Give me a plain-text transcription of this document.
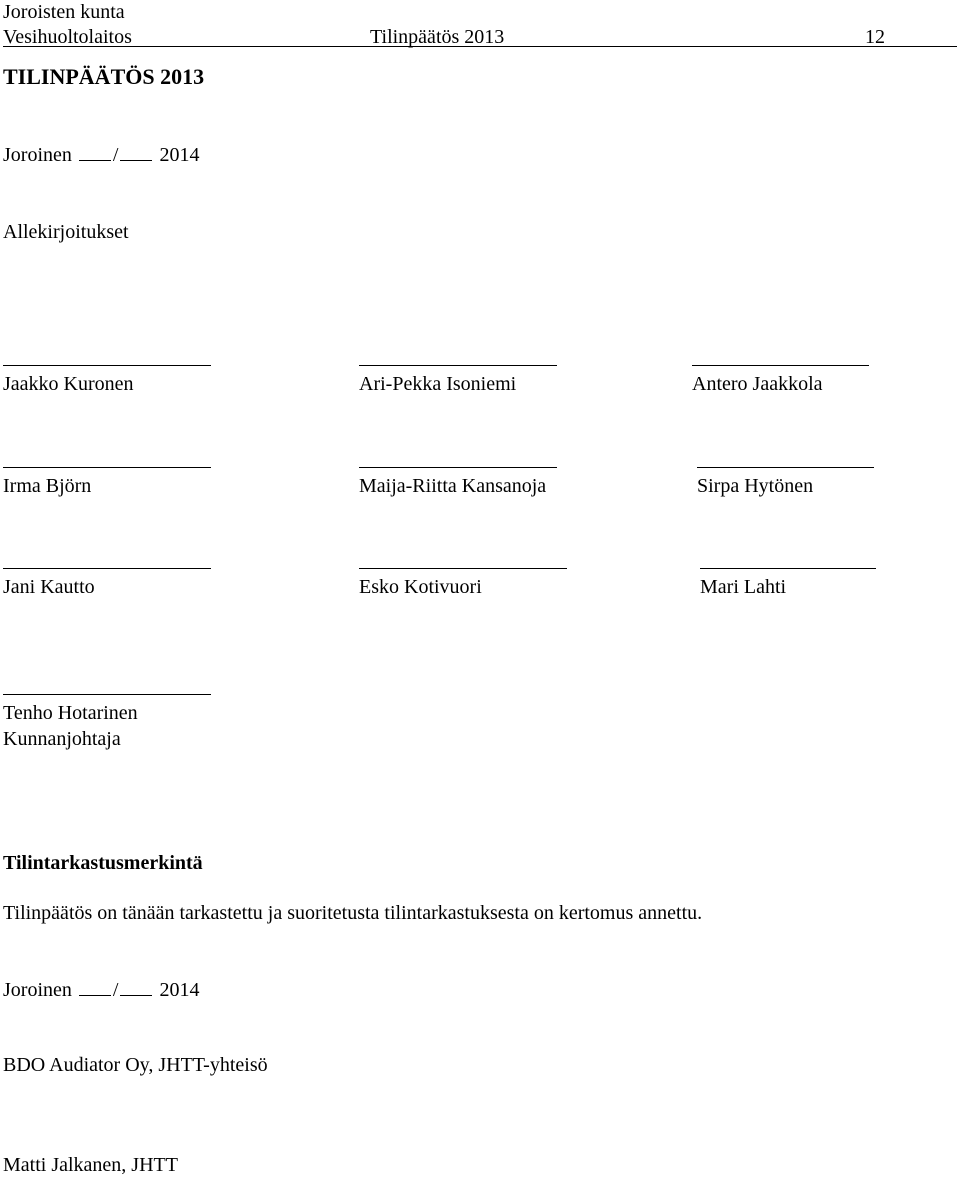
Joroisten kunta
Vesihuoltolaitos	Tilinpäätös 2013	12
TILINPÄÄTÖS 2013
Joroinen / 2014
Allekirjoitukset
Jaakko Kuronen	Ari-Pekka Isoniemi	Antero Jaakkola
Irma Björn	Maija-Riitta Kansanoja	Sirpa Hytönen
Jani Kautto	Esko Kotivuori	Mari Lahti
Tenho Hotarinen
Kunnanjohtaja
Tilintarkastusmerkintä
Tilinpäätös on tänään tarkastettu ja suoritetusta tilintarkastuksesta on kertomus annettu.
Joroinen / 2014
BDO Audiator Oy, JHTT-yhteisö
Matti Jalkanen, JHTT
